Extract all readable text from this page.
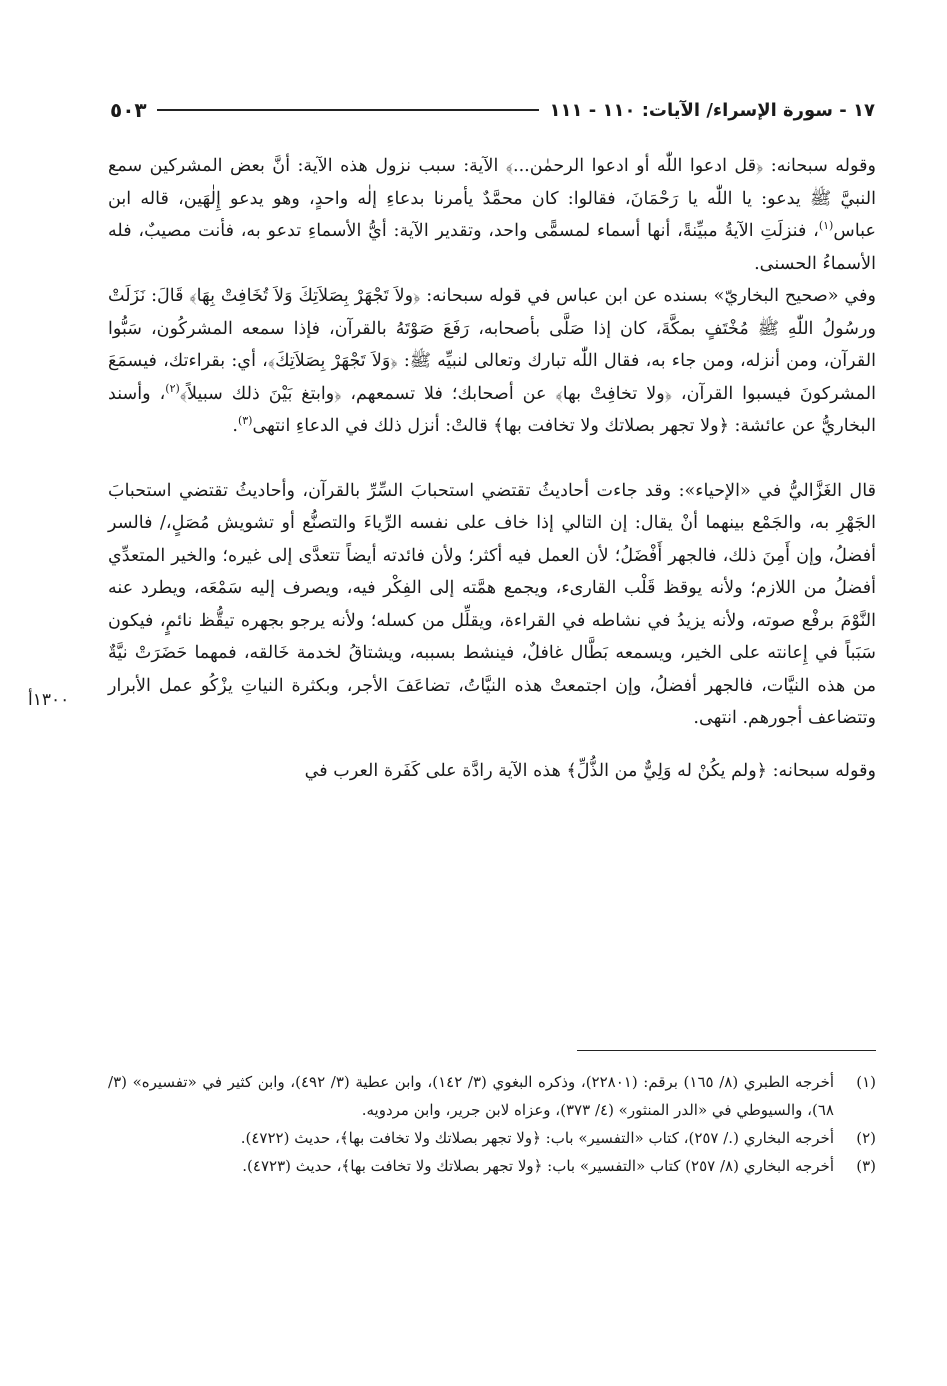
١٧ - سورة الإسراء/ الآيات: ١١٠ - ١١١
٥٠٣
١٣٠٠أ

وقوله سبحانه: ﴿قل ادعوا اللّٰه أو ادعوا الرحمٰن...﴾ الآية: سبب نزول هذه الآية: أنَّ بعض المشركين سمع النبيَّ ﷺ يدعو: يا اللّٰه يا رَحْمَانَ، فقالوا: كان محمَّدٌ يأمرنا بدعاءِ إلٰه واحدٍ، وهو يدعو إِلٰهَين، قاله ابن عباس$^{(١)}$، فنزلَتِ الآيةُ مبيِّنةً، أنها أسماء لمسمًّى واحد، وتقدير الآية: أيُّ الأسماءِ تدعو به، فأنت مصيبٌ، فله الأسماءُ الحسنى.

وفي «صحيح البخاريّ» بسنده عن ابن عباس في قوله سبحانه: ﴿ولاَ تَجْهَرْ بِصَلاَتِكَ وَلاَ تُخَافِتْ بِهَا﴾ قَالَ: نَزَلَتْ ورسُولُ اللّٰهِ ﷺ مُخْتَفٍ بمكَّةَ، كان إذا صَلَّى بأصحابه، رَفَعَ صَوْتَهُ بالقرآن، فإذا سمعه المشركُون، سَبُّوا القرآن، ومن أنزله، ومن جاء به، فقال اللّٰه تبارك وتعالى لنبيِّه ﷺ: ﴿وَلاَ تَجْهَرْ بِصَلاَتِكَ﴾، أي: بقراءتك، فيسمَعَ المشركونَ فيسبوا القرآن، ﴿ولا تخافِتْ بها﴾ عن أصحابك؛ فلا تسمعهم، ﴿وابتغ بَيْنَ ذلك سبيلاً﴾$^{(٢)}$، وأسند البخاريُّ عن عائشة: ﴿ولا تجهر بصلاتك ولا تخافت بها﴾ قالتْ: أنزل ذلك في الدعاءِ انتهى$^{(٣)}$.

قال الغَزَّاليُّ في «الإحياء»: وقد جاءت أحاديثُ تقتضي استحبابَ السِّرِّ بالقرآن، وأحاديثُ تقتضي استحبابَ الجَهْرِ به، والجَمْع بينهما أنْ يقال: إن التالي إذا خاف على نفسه الرِّياءَ والتصنُّع أو تشويش مُصَلٍ،/ فالسر أفضلُ، وإن أَمِنَ ذلك، فالجهر أَفْضَلُ؛ لأن العمل فيه أكثر؛ ولأن فائدته أيضاً تتعدَّى إلى غيره؛ والخير المتعدِّي أفضلُ من اللازم؛ ولأنه يوقظ قَلْب القارىء، ويجمع همَّته إلى الفِكْر فيه، ويصرف إليه سَمْعَه، ويطرد عنه النَّوْمَ برفْع صوته، ولأنه يزيدُ في نشاطه في القراءة، ويقلِّل من كسله؛ ولأنه يرجو بجهره تيقُّظ نائمٍ، فيكون سَبَباً في إِعانته على الخير، ويسمعه بَطَّال غافلٌ، فينشط بسببه، ويشتاقُ لخدمة خَالقه، فمهما حَضَرَتْ نيَّةٌ من هذه النيَّات، فالجهر أفضلُ، وإن اجتمعتْ هذه النيَّاتُ، تضاعَفَ الأجر، وبكثرة النياتِ يزْكُو عمل الأبرار وتتضاعف أجورهم. انتهى.

وقوله سبحانه: ﴿ولم يكُنْ له وَلِيٌّ من الذُّلِّ﴾ هذه الآية رادَّة على كَفَرة العرب في

(١)
أخرجه الطبري (٨/ ١٦٥) برقم: (٢٢٨٠١)، وذكره البغوي (٣/ ١٤٢)، وابن عطية (٣/ ٤٩٢)، وابن كثير في «تفسيره» (٣/ ٦٨)، والسيوطي في «الدر المنثور» (٤/ ٣٧٣)، وعزاه لابن جرير، وابن مردويه.
(٢)
أخرجه البخاري (./ ٢٥٧)، كتاب «التفسير» باب: ﴿ولا تجهر بصلاتك ولا تخافت بها﴾، حديث (٤٧٢٢).
(٣)
أخرجه البخاري (٨/ ٢٥٧) كتاب «التفسير» باب: ﴿ولا تجهر بصلاتك ولا تخافت بها﴾، حديث (٤٧٢٣).
